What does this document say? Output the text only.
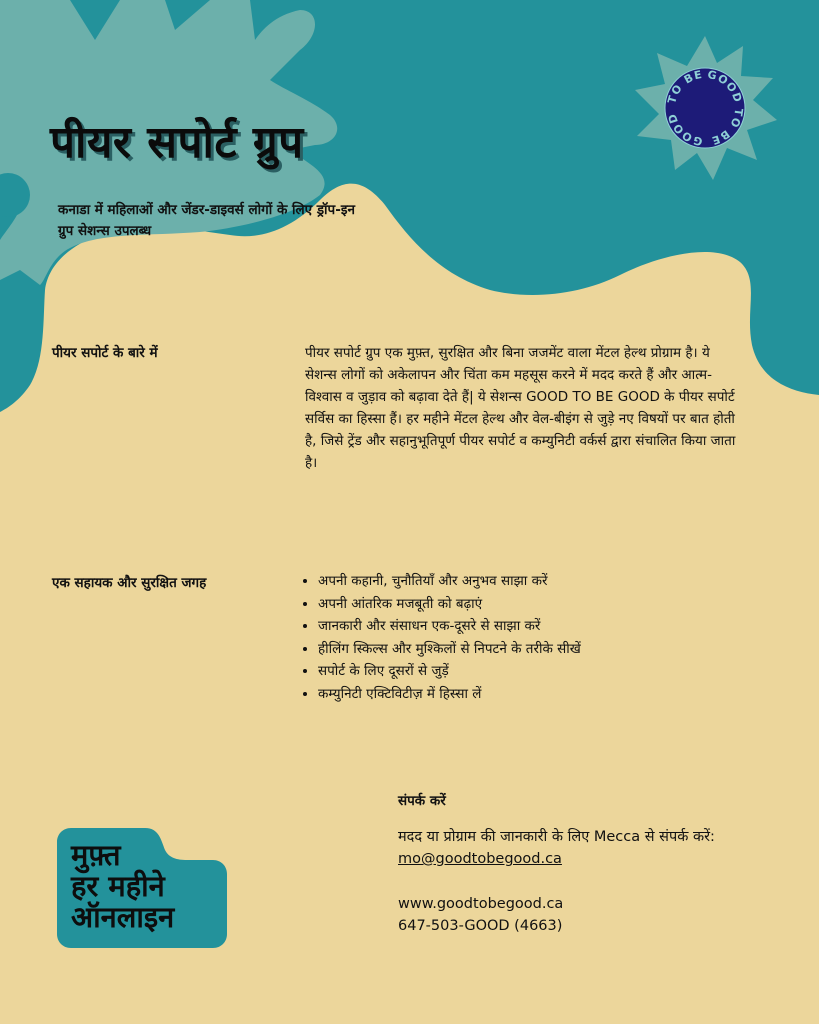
TO BE GOOD
TO BE
GOOD
पीयर सपोर्ट ग्रुप

कनाडा में महिलाओं और जेंडर-डाइवर्स लोगों के लिए ड्रॉप-इन ग्रुप सेशन्स उपलब्ध

पीयर सपोर्ट के बारे में	पीयर सपोर्ट ग्रुप एक मुफ़्त, सुरक्षित और बिना जजमेंट वाला मेंटल हेल्थ प्रोग्राम है। ये सेशन्स लोगों को अकेलापन और चिंता कम महसूस करने में मदद करते हैं और आत्म-विश्वास व जुड़ाव को बढ़ावा देते हैं| ये सेशन्स GOOD TO BE GOOD के पीयर सपोर्ट सर्विस का हिस्सा हैं। हर महीने मेंटल हेल्थ और वेल-बीइंग से जुड़े नए विषयों पर बात होती है, जिसे ट्रेंड और सहानुभूतिपूर्ण पीयर सपोर्ट व कम्युनिटी वर्कर्स द्वारा संचालित किया जाता है।

एक सहायक और सुरक्षित जगह

•	अपनी कहानी, चुनौतियाँ और अनुभव साझा करें
• अपनी आंतरिक मजबूती को बढ़ाएं
• जानकारी और संसाधन एक-दूसरे से साझा करें
• हीलिंग स्किल्स और मुश्किलों से निपटने के तरीके सीखें
• सपोर्ट के लिए दूसरों से जुड़ें
• कम्युनिटी एक्टिविटीज़ में हिस्सा लें

मुफ़्त
हर महीने
ऑनलाइन

संपर्क करें

मदद या प्रोग्राम की जानकारी के लिए Mecca से संपर्क करें:
mo@goodtobegood.ca

www.goodtobegood.ca

647-503-GOOD (4663)
